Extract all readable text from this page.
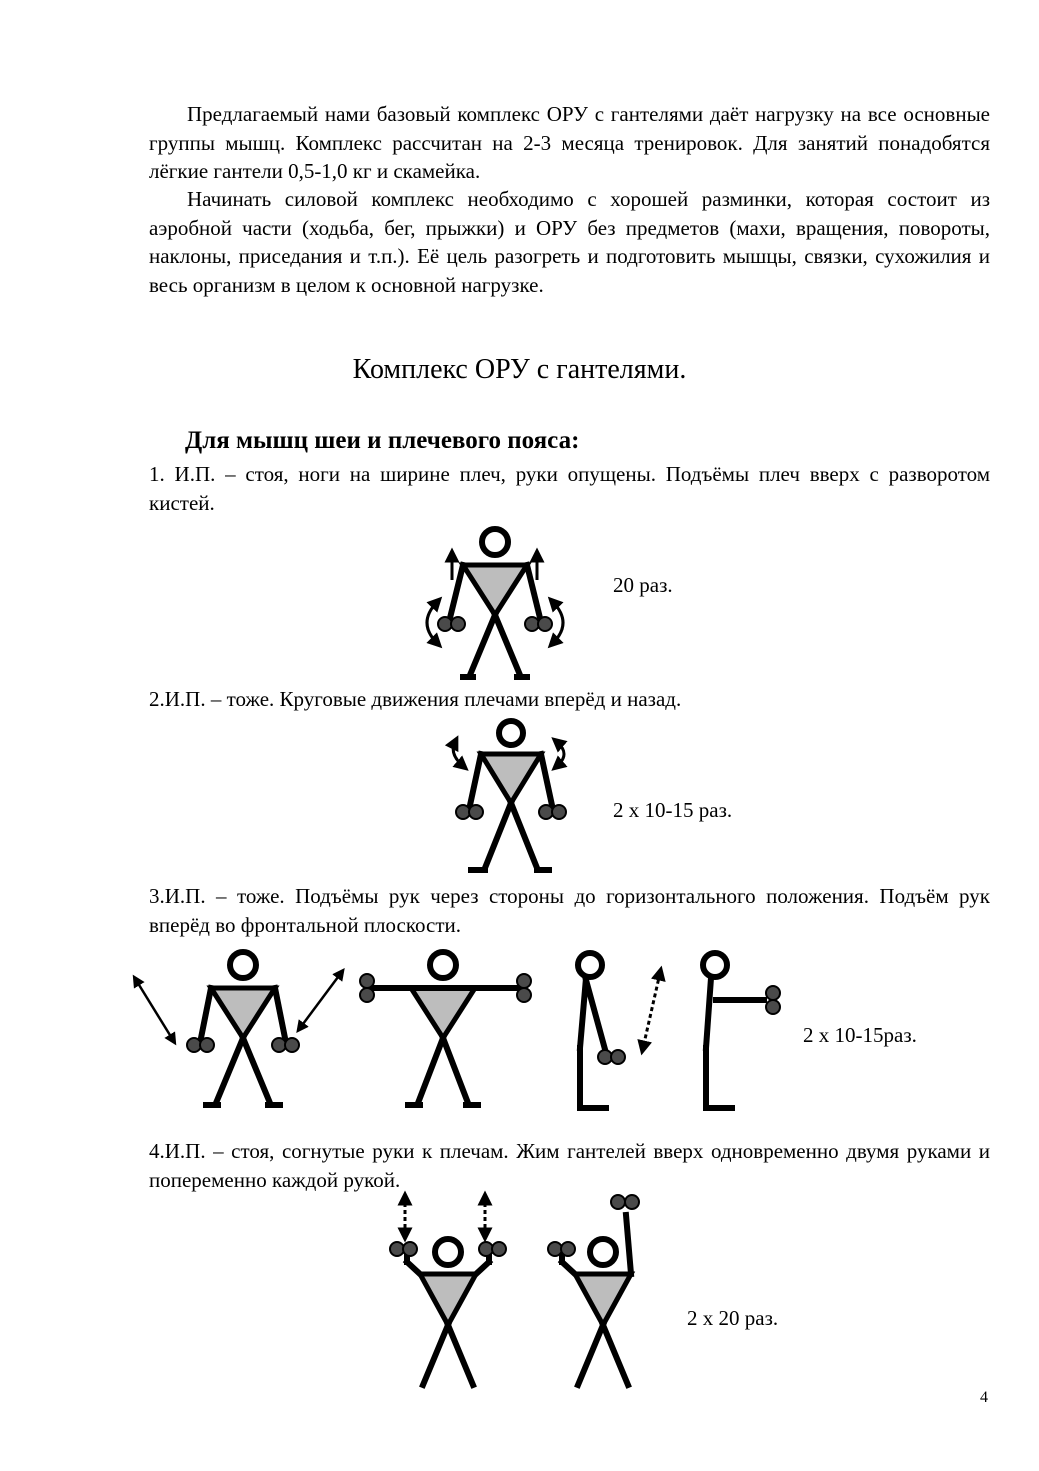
Предлагаемый нами базовый комплекс ОРУ с гантелями даёт нагрузку на все основные группы мышц. Комплекс рассчитан на 2-3 месяца тренировок. Для занятий понадобятся лёгкие гантели 0,5-1,0 кг и скамейка.

Начинать силовой комплекс необходимо с хорошей разминки, которая состоит из аэробной части (ходьба, бег, прыжки) и ОРУ без предметов (махи, вращения, повороты, наклоны, приседания и т.п.). Её цель разогреть и подготовить мышцы, связки, сухожилия и весь организм в целом к основной нагрузке.

Комплекс ОРУ с гантелями.

Для мышц шеи и плечевого пояса:

1. И.П. – стоя, ноги на ширине плеч, руки опущены. Подъёмы плеч вверх с разворотом кистей.

2.И.П. – тоже. Круговые движения плечами вперёд и назад.

3.И.П. – тоже. Подъёмы рук через стороны до горизонтального положения. Подъём рук вперёд во фронтальной плоскости.

4.И.П. – стоя, согнутые руки к плечам. Жим гантелей вверх одновременно двумя руками и попеременно каждой рукой.

20 раз.

2 х 10-15 раз.

2 х 10-15раз.

2 х 20 раз.

4
